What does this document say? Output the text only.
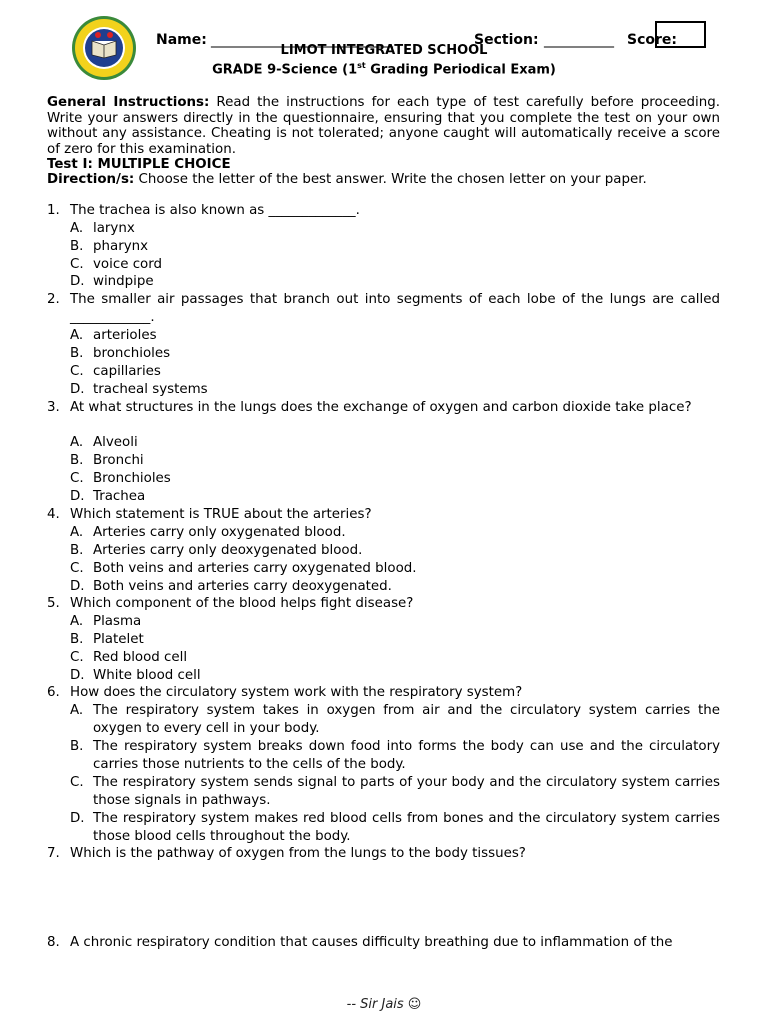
Name: __________________________	Section: __________ Score:
LIMOT INTEGRATED SCHOOL
GRADE 9-Science (1st Grading Periodical Exam)
General Instructions: Read the instructions for each type of test carefully before proceeding. Write your answers directly in the questionnaire, ensuring that you complete the test on your own without any assistance. Cheating is not tolerated; anyone caught will automatically receive a score of zero for this examination.
Test I: MULTIPLE CHOICE
Direction/s: Choose the letter of the best answer. Write the chosen letter on your paper.
1. The trachea is also known as _____________.
A. larynx
B. pharynx
C. voice cord
D. windpipe
2. The smaller air passages that branch out into segments of each lobe of the lungs are called ____________.
A. arterioles
B. bronchioles
C. capillaries
D. tracheal systems
3. At what structures in the lungs does the exchange of oxygen and carbon dioxide take place?
A. Alveoli
B. Bronchi
C. Bronchioles
D. Trachea
4. Which statement is TRUE about the arteries?
A. Arteries carry only oxygenated blood.
B. Arteries carry only deoxygenated blood.
C. Both veins and arteries carry oxygenated blood.
D. Both veins and arteries carry deoxygenated.
5. Which component of the blood helps fight disease?
A. Plasma
B. Platelet
C. Red blood cell
D. White blood cell
6. How does the circulatory system work with the respiratory system?
A. The respiratory system takes in oxygen from air and the circulatory system carries the oxygen to every cell in your body.
B. The respiratory system breaks down food into forms the body can use and the circulatory carries those nutrients to the cells of the body.
C. The respiratory system sends signal to parts of your body and the circulatory system carries those signals in pathways.
D. The respiratory system makes red blood cells from bones and the circulatory system carries those blood cells throughout the body.
7. Which is the pathway of oxygen from the lungs to the body tissues?
8. A chronic respiratory condition that causes difficulty breathing due to inflammation of the
-- Sir Jais ☺
